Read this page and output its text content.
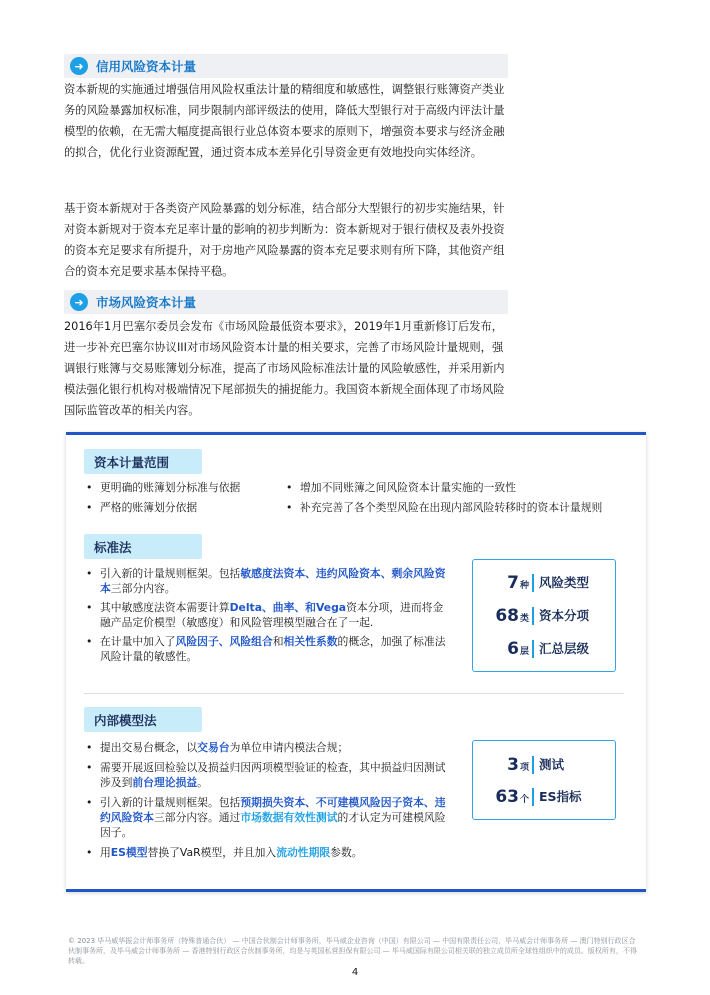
➜ 信用风险资本计量

资本新规的实施通过增强信用风险权重法计量的精细度和敏感性，调整银行账簿资产类业务的风险暴露加权标准，同步限制内部评级法的使用，降低大型银行对于高级内评法计量模型的依赖，在无需大幅度提高银行业总体资本要求的原则下，增强资本要求与经济金融的拟合，优化行业资源配置，通过资本成本差异化引导资金更有效地投向实体经济。

基于资本新规对于各类资产风险暴露的划分标准，结合部分大型银行的初步实施结果，针对资本新规对于资本充足率计量的影响的初步判断为：资本新规对于银行债权及表外投资的资本充足要求有所提升，对于房地产风险暴露的资本充足要求则有所下降，其他资产组合的资本充足要求基本保持平稳。

➜ 市场风险资本计量

2016年1月巴塞尔委员会发布《市场风险最低资本要求》，2019年1月重新修订后发布，进一步补充巴塞尔协议III对市场风险资本计量的相关要求，完善了市场风险计量规则，强调银行账簿与交易账簿划分标准，提高了市场风险标准法计量的风险敏感性，并采用新内模法强化银行机构对极端情况下尾部损失的捕捉能力。我国资本新规全面体现了市场风险国际监管改革的相关内容。

资本计量范围
• 更明确的账簿划分标准与依据
• 严格的账簿划分依据
• 增加不同账簿之间风险资本计量实施的一致性
• 补充完善了各个类型风险在出现内部风险转移时的资本计量规则
标准法
• 引入新的计量规则框架。包括敏感度法资本、违约风险资本、剩余风险资本三部分内容。
• 其中敏感度法资本需要计算Delta、曲率、和Vega资本分项，进而将金融产品定价模型（敏感度）和风险管理模型融合在了一起.
• 在计量中加入了风险因子、风险组合和相关性系数的概念，加强了标准法风险计量的敏感性。
7种 风险类型
68类 资本分项
6层 汇总层级
内部模型法
• 提出交易台概念，以交易台为单位申请内模法合规；
• 需要开展返回检验以及损益归因两项模型验证的检查，其中损益归因测试涉及到前台理论损益。
• 引入新的计量规则框架。包括预期损失资本、不可建模风险因子资本、违约风险资本三部分内容。通过市场数据有效性测试的才认定为可建模风险因子。
• 用ES模型替换了VaR模型，并且加入流动性期限参数。
3项 测试
63个 ES指标

© 2023 毕马威华振会计师事务所（特殊普通合伙） — 中国合伙制会计师事务所，毕马威企业咨询（中国）有限公司 — 中国有限责任公司，毕马威会计师事务所 — 澳门特别行政区合伙制事务所，及毕马威会计师事务所 — 香港特别行政区合伙制事务所，均是与英国私营担保有限公司 — 毕马威国际有限公司相关联的独立成员所全球性组织中的成员。版权所有，不得转载。

4
